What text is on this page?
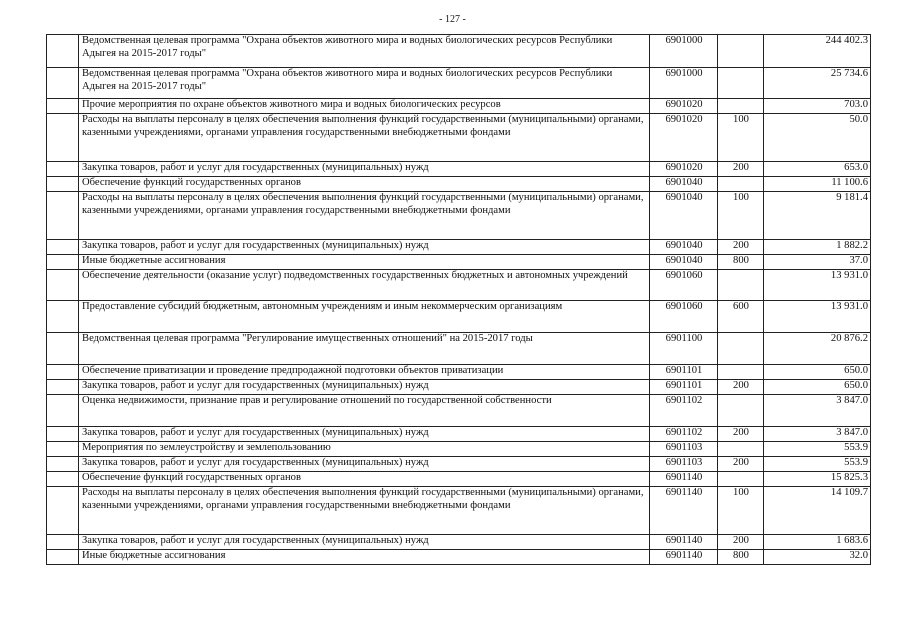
- 127 -
	Ведомственная целевая программа "Охрана объектов животного мира и водных биологических ресурсов Республики Адыгея на 2015-2017 годы"	6901000		244 402.3
	Ведомственная целевая программа "Охрана объектов животного мира и водных биологических ресурсов Республики Адыгея на 2015-2017 годы"	6901000		25 734.6
	Прочие мероприятия по охране объектов животного мира и водных биологических ресурсов	6901020		703.0
	Расходы на выплаты персоналу в целях обеспечения выполнения функций государственными (муниципальными) органами, казенными учреждениями, органами управления государственными внебюджетными фондами	6901020	100	50.0
	Закупка товаров, работ и услуг для государственных (муниципальных) нужд	6901020	200	653.0
	Обеспечение функций государственных органов	6901040		11 100.6
	Расходы на выплаты персоналу в целях обеспечения выполнения функций государственными (муниципальными) органами, казенными учреждениями, органами управления государственными внебюджетными фондами	6901040	100	9 181.4
	Закупка товаров, работ и услуг для государственных (муниципальных) нужд	6901040	200	1 882.2
	Иные бюджетные ассигнования	6901040	800	37.0
	Обеспечение деятельности (оказание услуг) подведомственных государственных бюджетных и автономных учреждений	6901060		13 931.0
	Предоставление субсидий бюджетным, автономным учреждениям и иным некоммерческим организациям	6901060	600	13 931.0
	Ведомственная целевая программа "Регулирование имущественных отношений" на 2015-2017 годы	6901100		20 876.2
	Обеспечение приватизации и проведение предпродажной подготовки объектов приватизации	6901101		650.0
	Закупка товаров, работ и услуг для государственных (муниципальных) нужд	6901101	200	650.0
	Оценка недвижимости, признание прав и регулирование отношений по государственной собственности	6901102		3 847.0
	Закупка товаров, работ и услуг для государственных (муниципальных) нужд	6901102	200	3 847.0
	Мероприятия по землеустройству и землепользованию	6901103		553.9
	Закупка товаров, работ и услуг для государственных (муниципальных) нужд	6901103	200	553.9
	Обеспечение функций государственных органов	6901140		15 825.3
	Расходы на выплаты персоналу в целях обеспечения выполнения функций государственными (муниципальными) органами, казенными учреждениями, органами управления государственными внебюджетными фондами	6901140	100	14 109.7
	Закупка товаров, работ и услуг для государственных (муниципальных) нужд	6901140	200	1 683.6
	Иные бюджетные ассигнования	6901140	800	32.0
